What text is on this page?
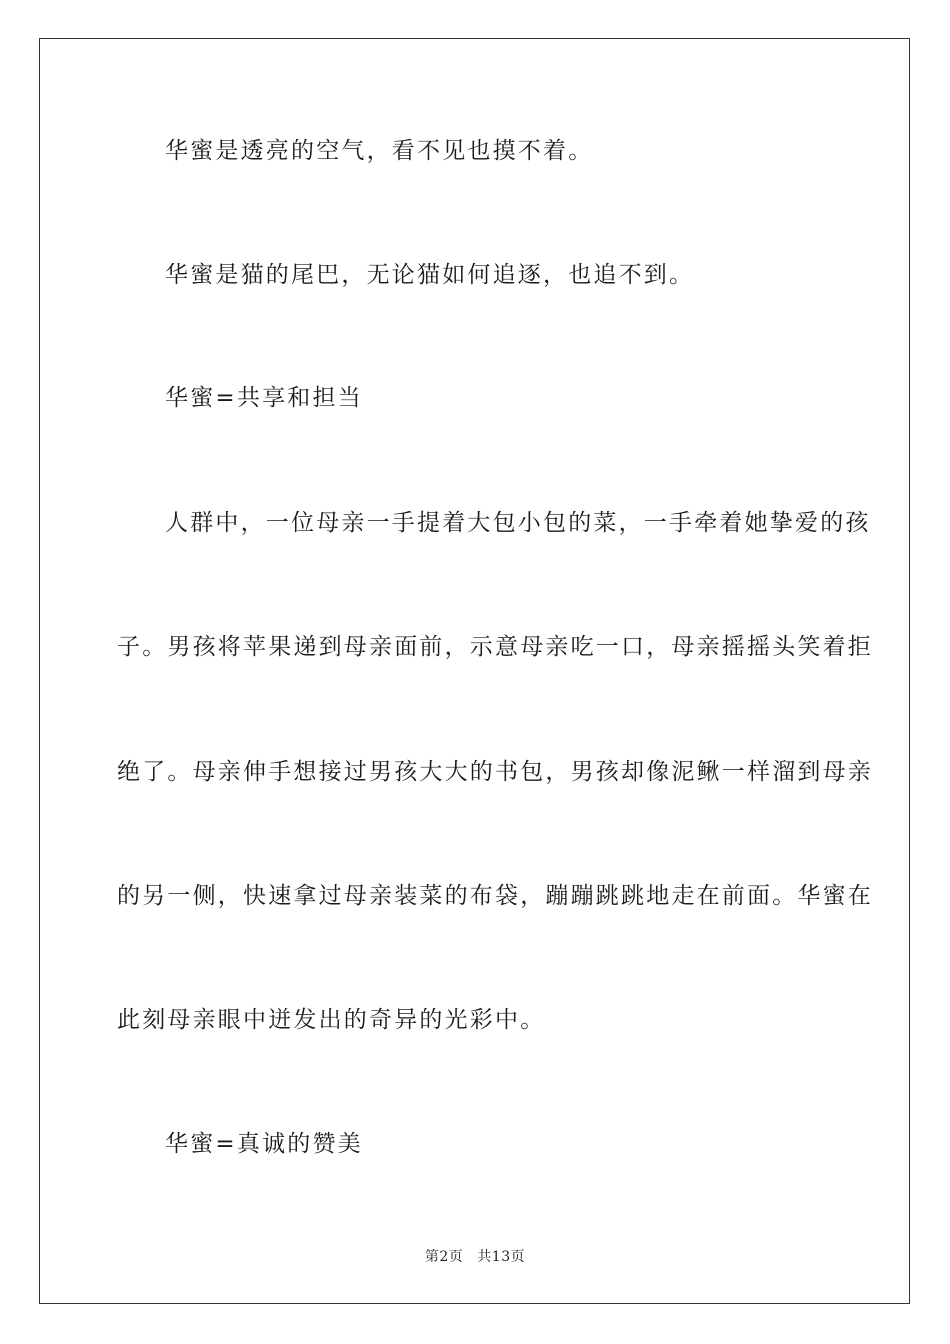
华蜜是透亮的空气，看不见也摸不着。

华蜜是猫的尾巴，无论猫如何追逐，也追不到。

华蜜=共享和担当

人群中，一位母亲一手提着大包小包的菜，一手牵着她挚爱的孩

子。男孩将苹果递到母亲面前，示意母亲吃一口，母亲摇摇头笑着拒

绝了。母亲伸手想接过男孩大大的书包，男孩却像泥鳅一样溜到母亲

的另一侧，快速拿过母亲装菜的布袋，蹦蹦跳跳地走在前面。华蜜在

此刻母亲眼中迸发出的奇异的光彩中。

华蜜=真诚的赞美

第2页 共13页
